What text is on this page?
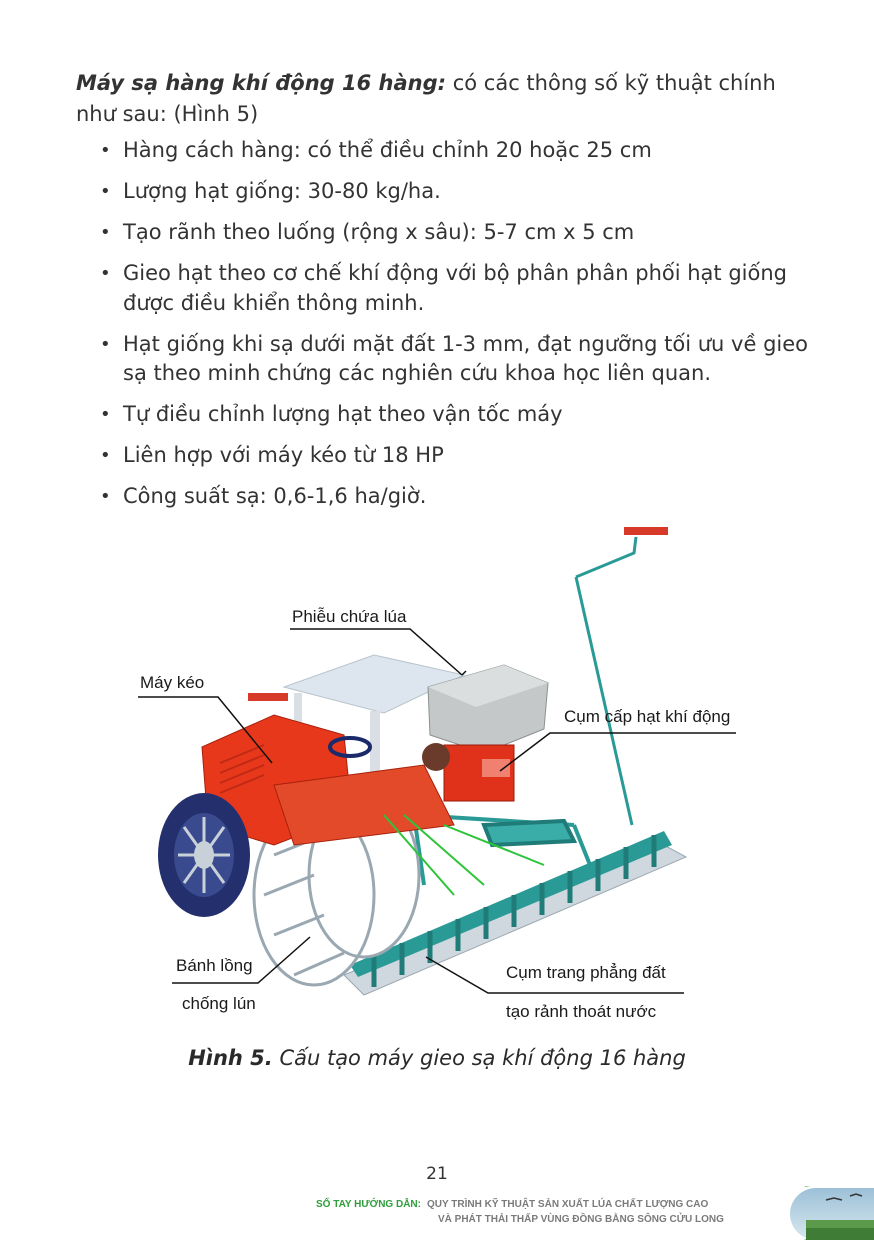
Máy sạ hàng khí động 16 hàng: có các thông số kỹ thuật chính như sau: (Hình 5)

• Hàng cách hàng: có thể điều chỉnh 20 hoặc 25 cm
• Lượng hạt giống: 30-80 kg/ha.
• Tạo rãnh theo luống (rộng x sâu): 5-7 cm x 5 cm
• Gieo hạt theo cơ chế khí động với bộ phân phân phối hạt giống được điều khiển thông minh.
• Hạt giống khi sạ dưới mặt đất 1-3 mm, đạt ngưỡng tối ưu về gieo sạ theo minh chứng các nghiên cứu khoa học liên quan.
• Tự điều chỉnh lượng hạt theo vận tốc máy
• Liên hợp với máy kéo từ 18 HP
• Công suất sạ: 0,6-1,6 ha/giờ.
Phiễu chứa lúa
Máy kéo
Cụm cấp hạt khí động
Bánh lồng
chống lún
Cụm trang phẳng đất
tạo rảnh thoát nước
Hình 5. Cấu tạo máy gieo sạ khí động 16 hàng
21
SỔ TAY HƯỚNG DẪN: QUY TRÌNH KỸ THUẬT SẢN XUẤT LÚA CHẤT LƯỢNG CAO
VÀ PHÁT THẢI THẤP VÙNG ĐỒNG BẰNG SÔNG CỬU LONG
